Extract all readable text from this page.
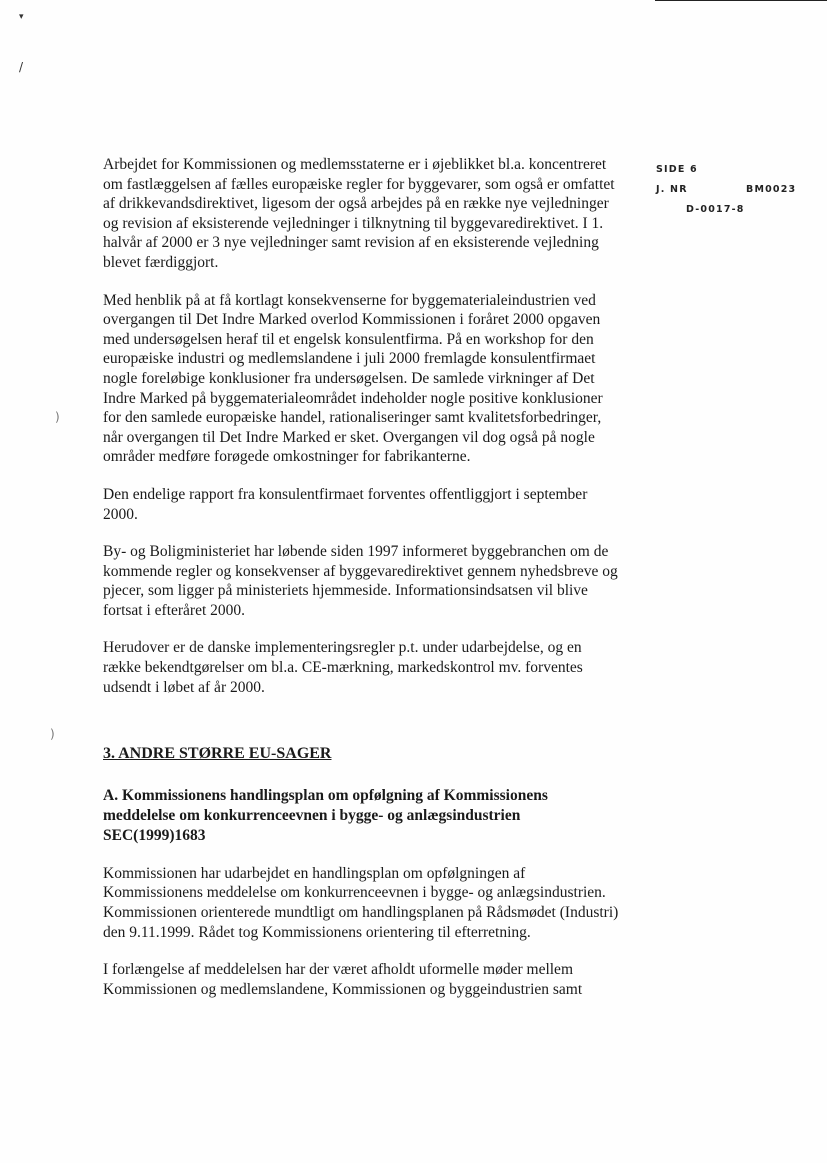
▾
/
)
)
SIDE 6
J. NR	BM0023
D-0017-8

Arbejdet for Kommissionen og medlemsstaterne er i øjeblikket bl.a. koncentreret om fastlæggelsen af fælles europæiske regler for byggevarer, som også er omfattet af drikkevandsdirektivet, ligesom der også arbejdes på en række nye vejledninger og revision af eksisterende vejledninger i tilknytning til byggevaredirektivet. I 1. halvår af 2000 er 3 nye vejledninger samt revision af en eksisterende vejledning blevet færdiggjort.

Med henblik på at få kortlagt konsekvenserne for byggematerialeindustrien ved overgangen til Det Indre Marked overlod Kommissionen i foråret 2000 opgaven med undersøgelsen heraf til et engelsk konsulentfirma. På en workshop for den europæiske industri og medlemslandene i juli 2000 fremlagde konsulentfirmaet nogle foreløbige konklusioner fra undersøgelsen. De samlede virkninger af Det Indre Marked på byggematerialeområdet indeholder nogle positive konklusioner for den samlede europæiske handel, rationaliseringer samt kvalitetsforbedringer, når overgangen til Det Indre Marked er sket. Overgangen vil dog også på nogle områder medføre forøgede omkostninger for fabrikanterne.

Den endelige rapport fra konsulentfirmaet forventes offentliggjort i september 2000.

By- og Boligministeriet har løbende siden 1997 informeret byggebranchen om de kommende regler og konsekvenser af byggevaredirektivet gennem nyhedsbreve og pjecer, som ligger på ministeriets hjemmeside. Informationsindsatsen vil blive fortsat i efteråret 2000.

Herudover er de danske implementeringsregler p.t. under udarbejdelse, og en række bekendtgørelser om bl.a. CE-mærkning, markedskontrol mv. forventes udsendt i løbet af år 2000.

3. ANDRE STØRRE EU-SAGER
A. Kommissionens handlingsplan om opfølgning af Kommissionens meddelelse om konkurrenceevnen i bygge- og anlægsindustrien SEC(1999)1683

Kommissionen har udarbejdet en handlingsplan om opfølgningen af Kommissionens meddelelse om konkurrenceevnen i bygge- og anlægsindustrien. Kommissionen orienterede mundtligt om handlingsplanen på Rådsmødet (Industri) den 9.11.1999. Rådet tog Kommissionens orientering til efterretning.

I forlængelse af meddelelsen har der været afholdt uformelle møder mellem Kommissionen og medlemslandene, Kommissionen og byggeindustrien samt
